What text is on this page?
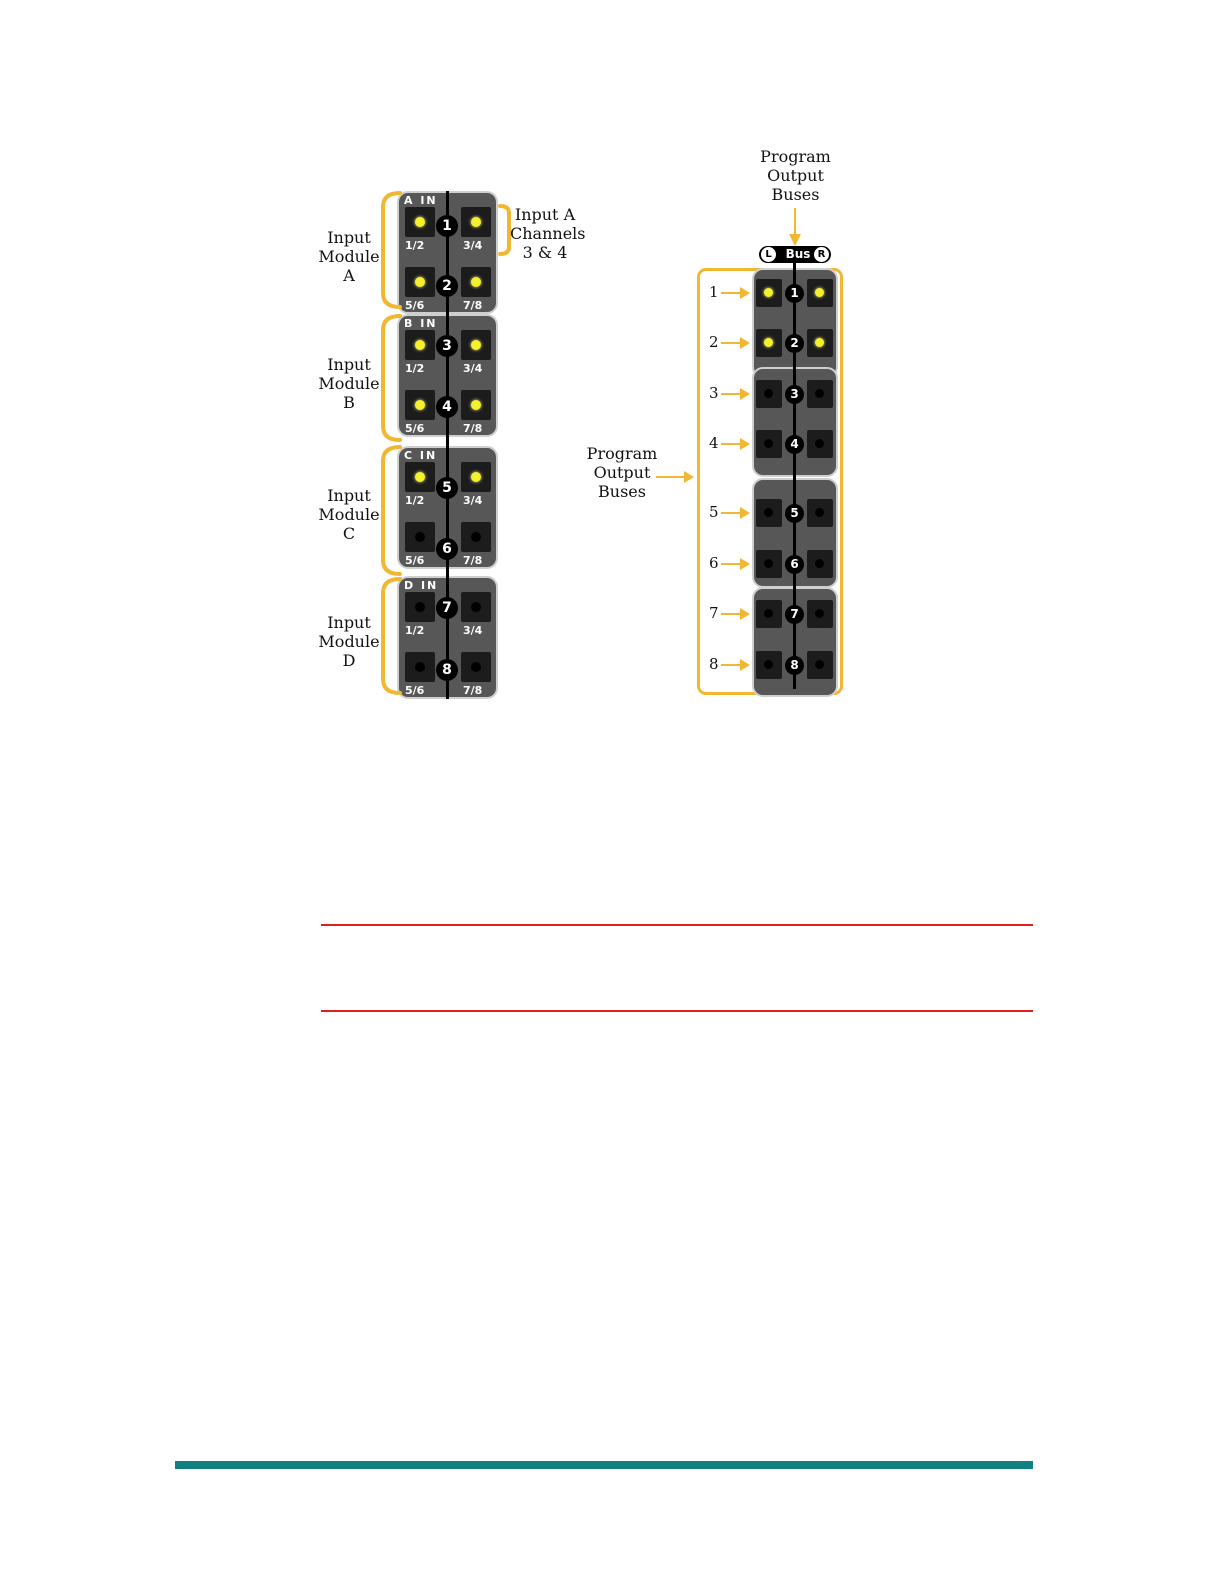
A IN
1/2	3/4
5/6	7/8
Input
Module
A
B IN
1/2	3/4
5/6	7/8
Input
Module
B
C IN
1/2	3/4
5/6	7/8
Input
Module
C
D IN
1/2	3/4
5/6	7/8
Input
Module
D
1
2
3
4
5
6
7
8
Input A
Channels
3 & 4
Program
Output
Buses
L	Bus R
1
1
2
2
3
3
4
4
5
5
6
6
7
7
8
8
Program
Output
Buses
